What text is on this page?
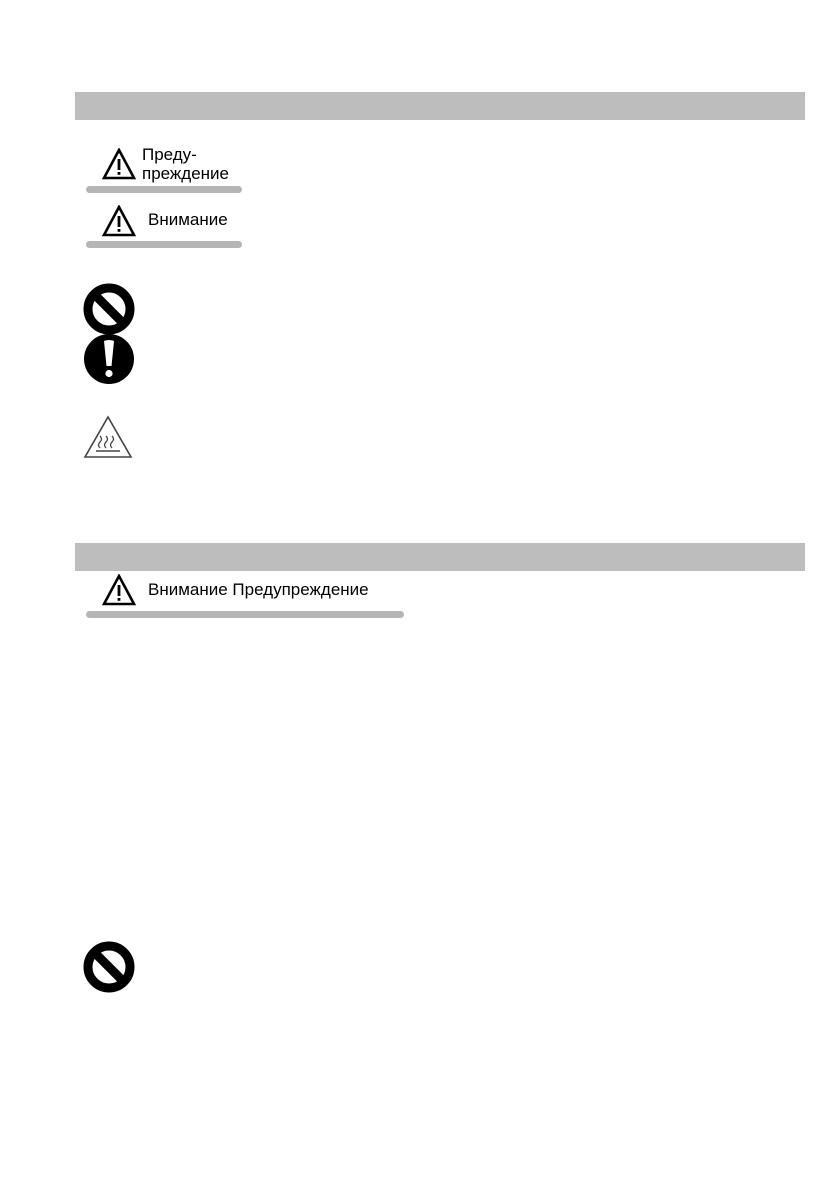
Преду-
преждение
Внимание
Внимание Предупреждение
